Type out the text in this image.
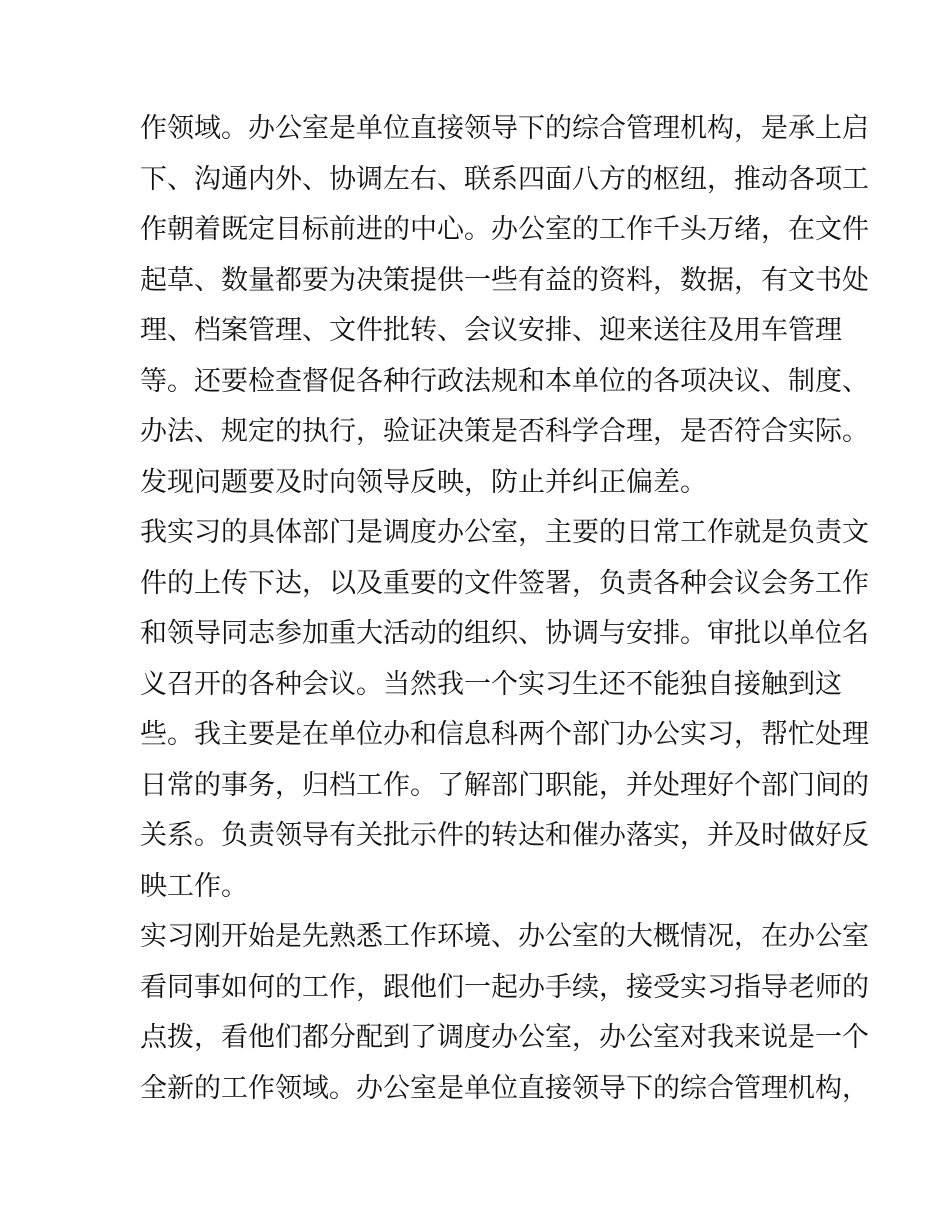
作领域。办公室是单位直接领导下的综合管理机构，是承上启
下、沟通内外、协调左右、联系四面八方的枢纽，推动各项工
作朝着既定目标前进的中心。办公室的工作千头万绪，在文件
起草、数量都要为决策提供一些有益的资料，数据，有文书处
理、档案管理、文件批转、会议安排、迎来送往及用车管理
等。还要检查督促各种行政法规和本单位的各项决议、制度、
办法、规定的执行，验证决策是否科学合理，是否符合实际。
发现问题要及时向领导反映，防止并纠正偏差。
我实习的具体部门是调度办公室，主要的日常工作就是负责文
件的上传下达，以及重要的文件签署，负责各种会议会务工作
和领导同志参加重大活动的组织、协调与安排。审批以单位名
义召开的各种会议。当然我一个实习生还不能独自接触到这
些。我主要是在单位办和信息科两个部门办公实习，帮忙处理
日常的事务，归档工作。了解部门职能，并处理好个部门间的
关系。负责领导有关批示件的转达和催办落实，并及时做好反
映工作。
实习刚开始是先熟悉工作环境、办公室的大概情况，在办公室
看同事如何的工作，跟他们一起办手续，接受实习指导老师的
点拨，看他们都分配到了调度办公室，办公室对我来说是一个
全新的工作领域。办公室是单位直接领导下的综合管理机构，
